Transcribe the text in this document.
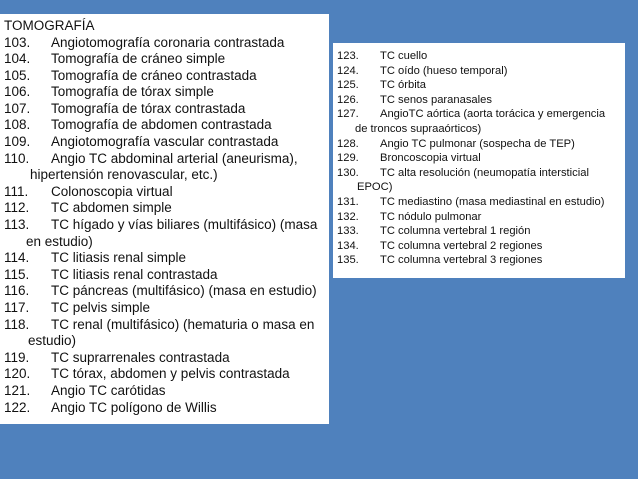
TOMOGRAFÍA

103. Angiotomografía coronaria contrastada
104. Tomografía de cráneo simple
105. Tomografía de cráneo contrastada
106. Tomografía de tórax simple
107. Tomografía de tórax contrastada
108. Tomografía de abdomen contrastada
109. Angiotomografía vascular contrastada
110. Angio TC abdominal arterial (aneurisma),
hipertensión renovascular, etc.)
111. Colonoscopia virtual
112. TC abdomen simple
113. TC hígado y vías biliares (multifásico) (masa
en estudio)
114. TC litiasis renal simple
115. TC litiasis renal contrastada
116. TC páncreas (multifásico) (masa en estudio)
117. TC pelvis simple
118. TC renal (multifásico) (hematuria o masa en
estudio)
119. TC suprarrenales contrastada
120. TC tórax, abdomen y pelvis contrastada
121. Angio TC carótidas
122. Angio TC polígono de Willis
123. TC cuello
124. TC oído (hueso temporal)
125. TC órbita
126. TC senos paranasales
127. AngioTC aórtica (aorta torácica y emergencia
de troncos supraaórticos)
128. Angio TC pulmonar (sospecha de TEP)
129. Broncoscopia virtual
130. TC alta resolución (neumopatía intersticial
EPOC)
131. TC mediastino (masa mediastinal en estudio)
132. TC nódulo pulmonar
133. TC columna vertebral 1 región
134. TC columna vertebral 2 regiones
135. TC columna vertebral 3 regiones
